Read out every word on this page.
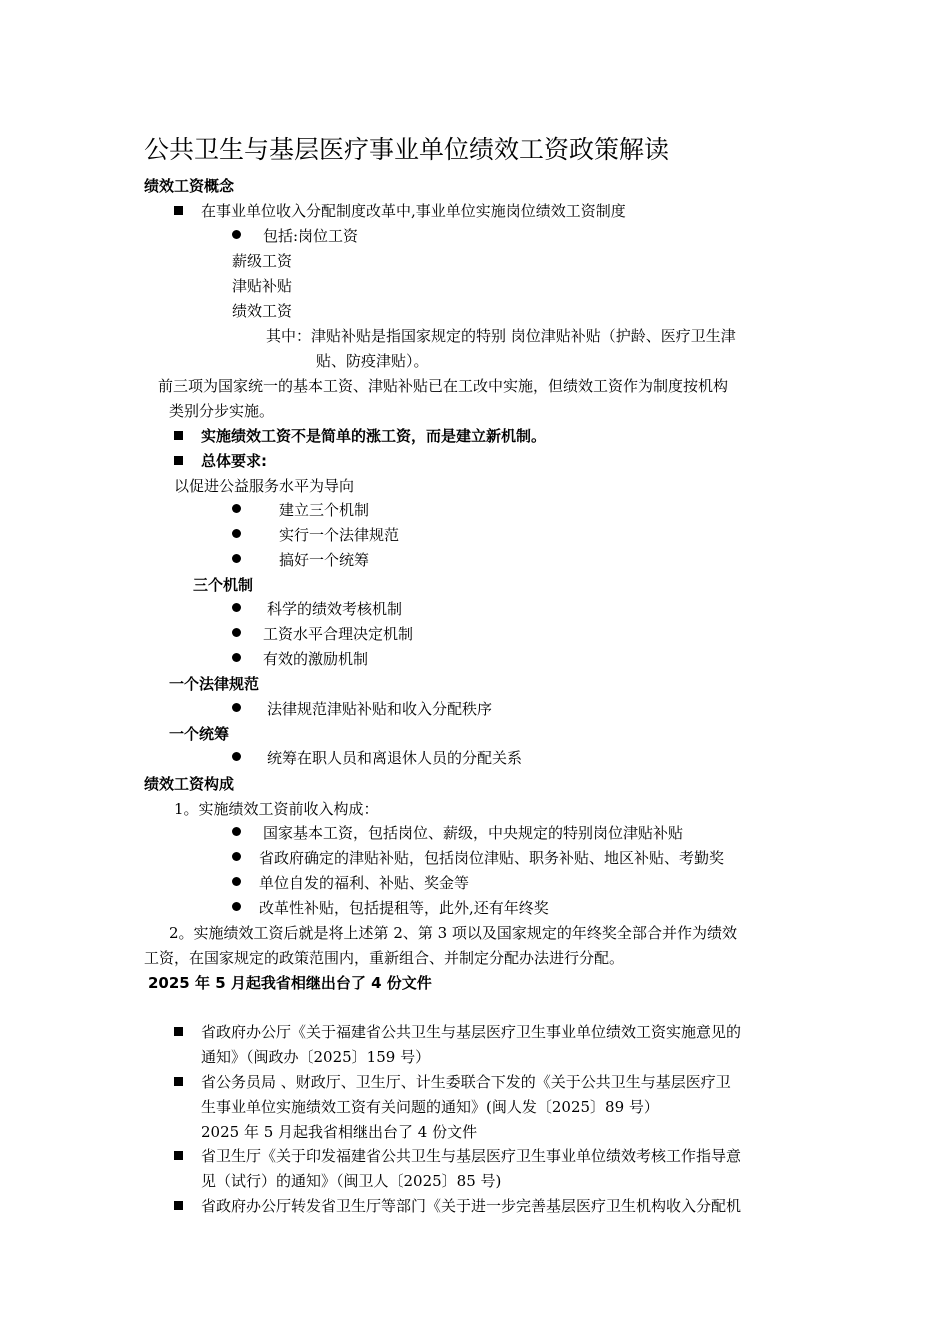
公共卫生与基层医疗事业单位绩效工资政策解读
绩效工资概念
在事业单位收入分配制度改革中,事业单位实施岗位绩效工资制度
包括:岗位工资
薪级工资
津贴补贴
绩效工资
其中：津贴补贴是指国家规定的特别 岗位津贴补贴（护龄、医疗卫生津
贴、防疫津贴）。
前三项为国家统一的基本工资、津贴补贴已在工改中实施，但绩效工资作为制度按机构
类别分步实施。
实施绩效工资不是简单的涨工资，而是建立新机制。
总体要求:
以促进公益服务水平为导向
建立三个机制
实行一个法律规范
搞好一个统筹
三个机制
科学的绩效考核机制
工资水平合理决定机制
有效的激励机制
一个法律规范
法律规范津贴补贴和收入分配秩序
一个统筹
统筹在职人员和离退休人员的分配关系
绩效工资构成
1。实施绩效工资前收入构成：
国家基本工资，包括岗位、薪级，中央规定的特别岗位津贴补贴
省政府确定的津贴补贴，包括岗位津贴、职务补贴、地区补贴、考勤奖
单位自发的福利、补贴、奖金等
改革性补贴，包括提租等，此外,还有年终奖
2。实施绩效工资后就是将上述第 2、第 3 项以及国家规定的年终奖全部合并作为绩效
工资，在国家规定的政策范围内，重新组合、并制定分配办法进行分配。
2025 年 5 月起我省相继出台了 4 份文件
省政府办公厅《关于福建省公共卫生与基层医疗卫生事业单位绩效工资实施意见的
通知》（闽政办〔2025〕159 号）
省公务员局 、财政厅、卫生厅、计生委联合下发的《关于公共卫生与基层医疗卫
生事业单位实施绩效工资有关问题的通知》(闽人发〔2025〕89 号）
2025 年 5 月起我省相继出台了 4 份文件
省卫生厅《关于印发福建省公共卫生与基层医疗卫生事业单位绩效考核工作指导意
见（试行）的通知》（闽卫人〔2025〕85 号)
省政府办公厅转发省卫生厅等部门《关于进一步完善基层医疗卫生机构收入分配机
